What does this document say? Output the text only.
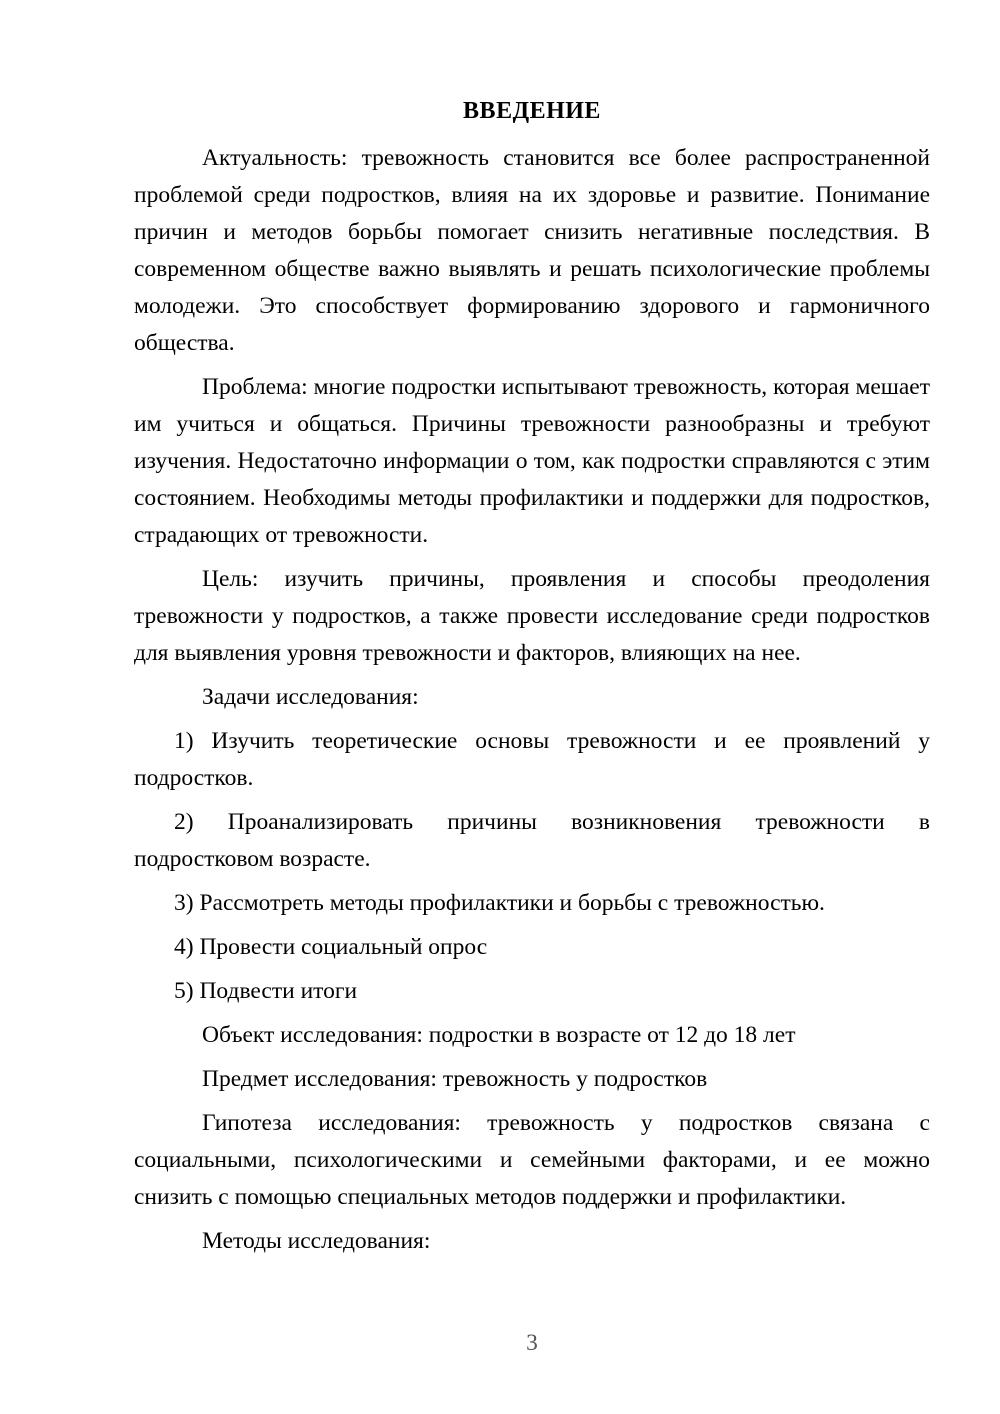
ВВЕДЕНИЕ

Актуальность: тревожность становится все более распространенной проблемой среди подростков, влияя на их здоровье и развитие. Понимание причин и методов борьбы помогает снизить негативные последствия. В современном обществе важно выявлять и решать психологические проблемы молодежи. Это способствует формированию здорового и гармоничного общества.

Проблема: многие подростки испытывают тревожность, которая мешает им учиться и общаться. Причины тревожности разнообразны и требуют изучения. Недостаточно информации о том, как подростки справляются с этим состоянием. Необходимы методы профилактики и поддержки для подростков, страдающих от тревожности.

Цель: изучить причины, проявления и способы преодоления тревожности у подростков, а также провести исследование среди подростков для выявления уровня тревожности и факторов, влияющих на нее.

Задачи исследования:

1) Изучить теоретические основы тревожности и ее проявлений у подростков.

2) Проанализировать причины возникновения тревожности в подростковом возрасте.

3) Рассмотреть методы профилактики и борьбы с тревожностью.

4) Провести социальный опрос

5) Подвести итоги

Объект исследования: подростки в возрасте от 12 до 18 лет

Предмет исследования: тревожность у подростков

Гипотеза исследования: тревожность у подростков связана с социальными, психологическими и семейными факторами, и ее можно снизить с помощью специальных методов поддержки и профилактики.

Методы исследования:

3
